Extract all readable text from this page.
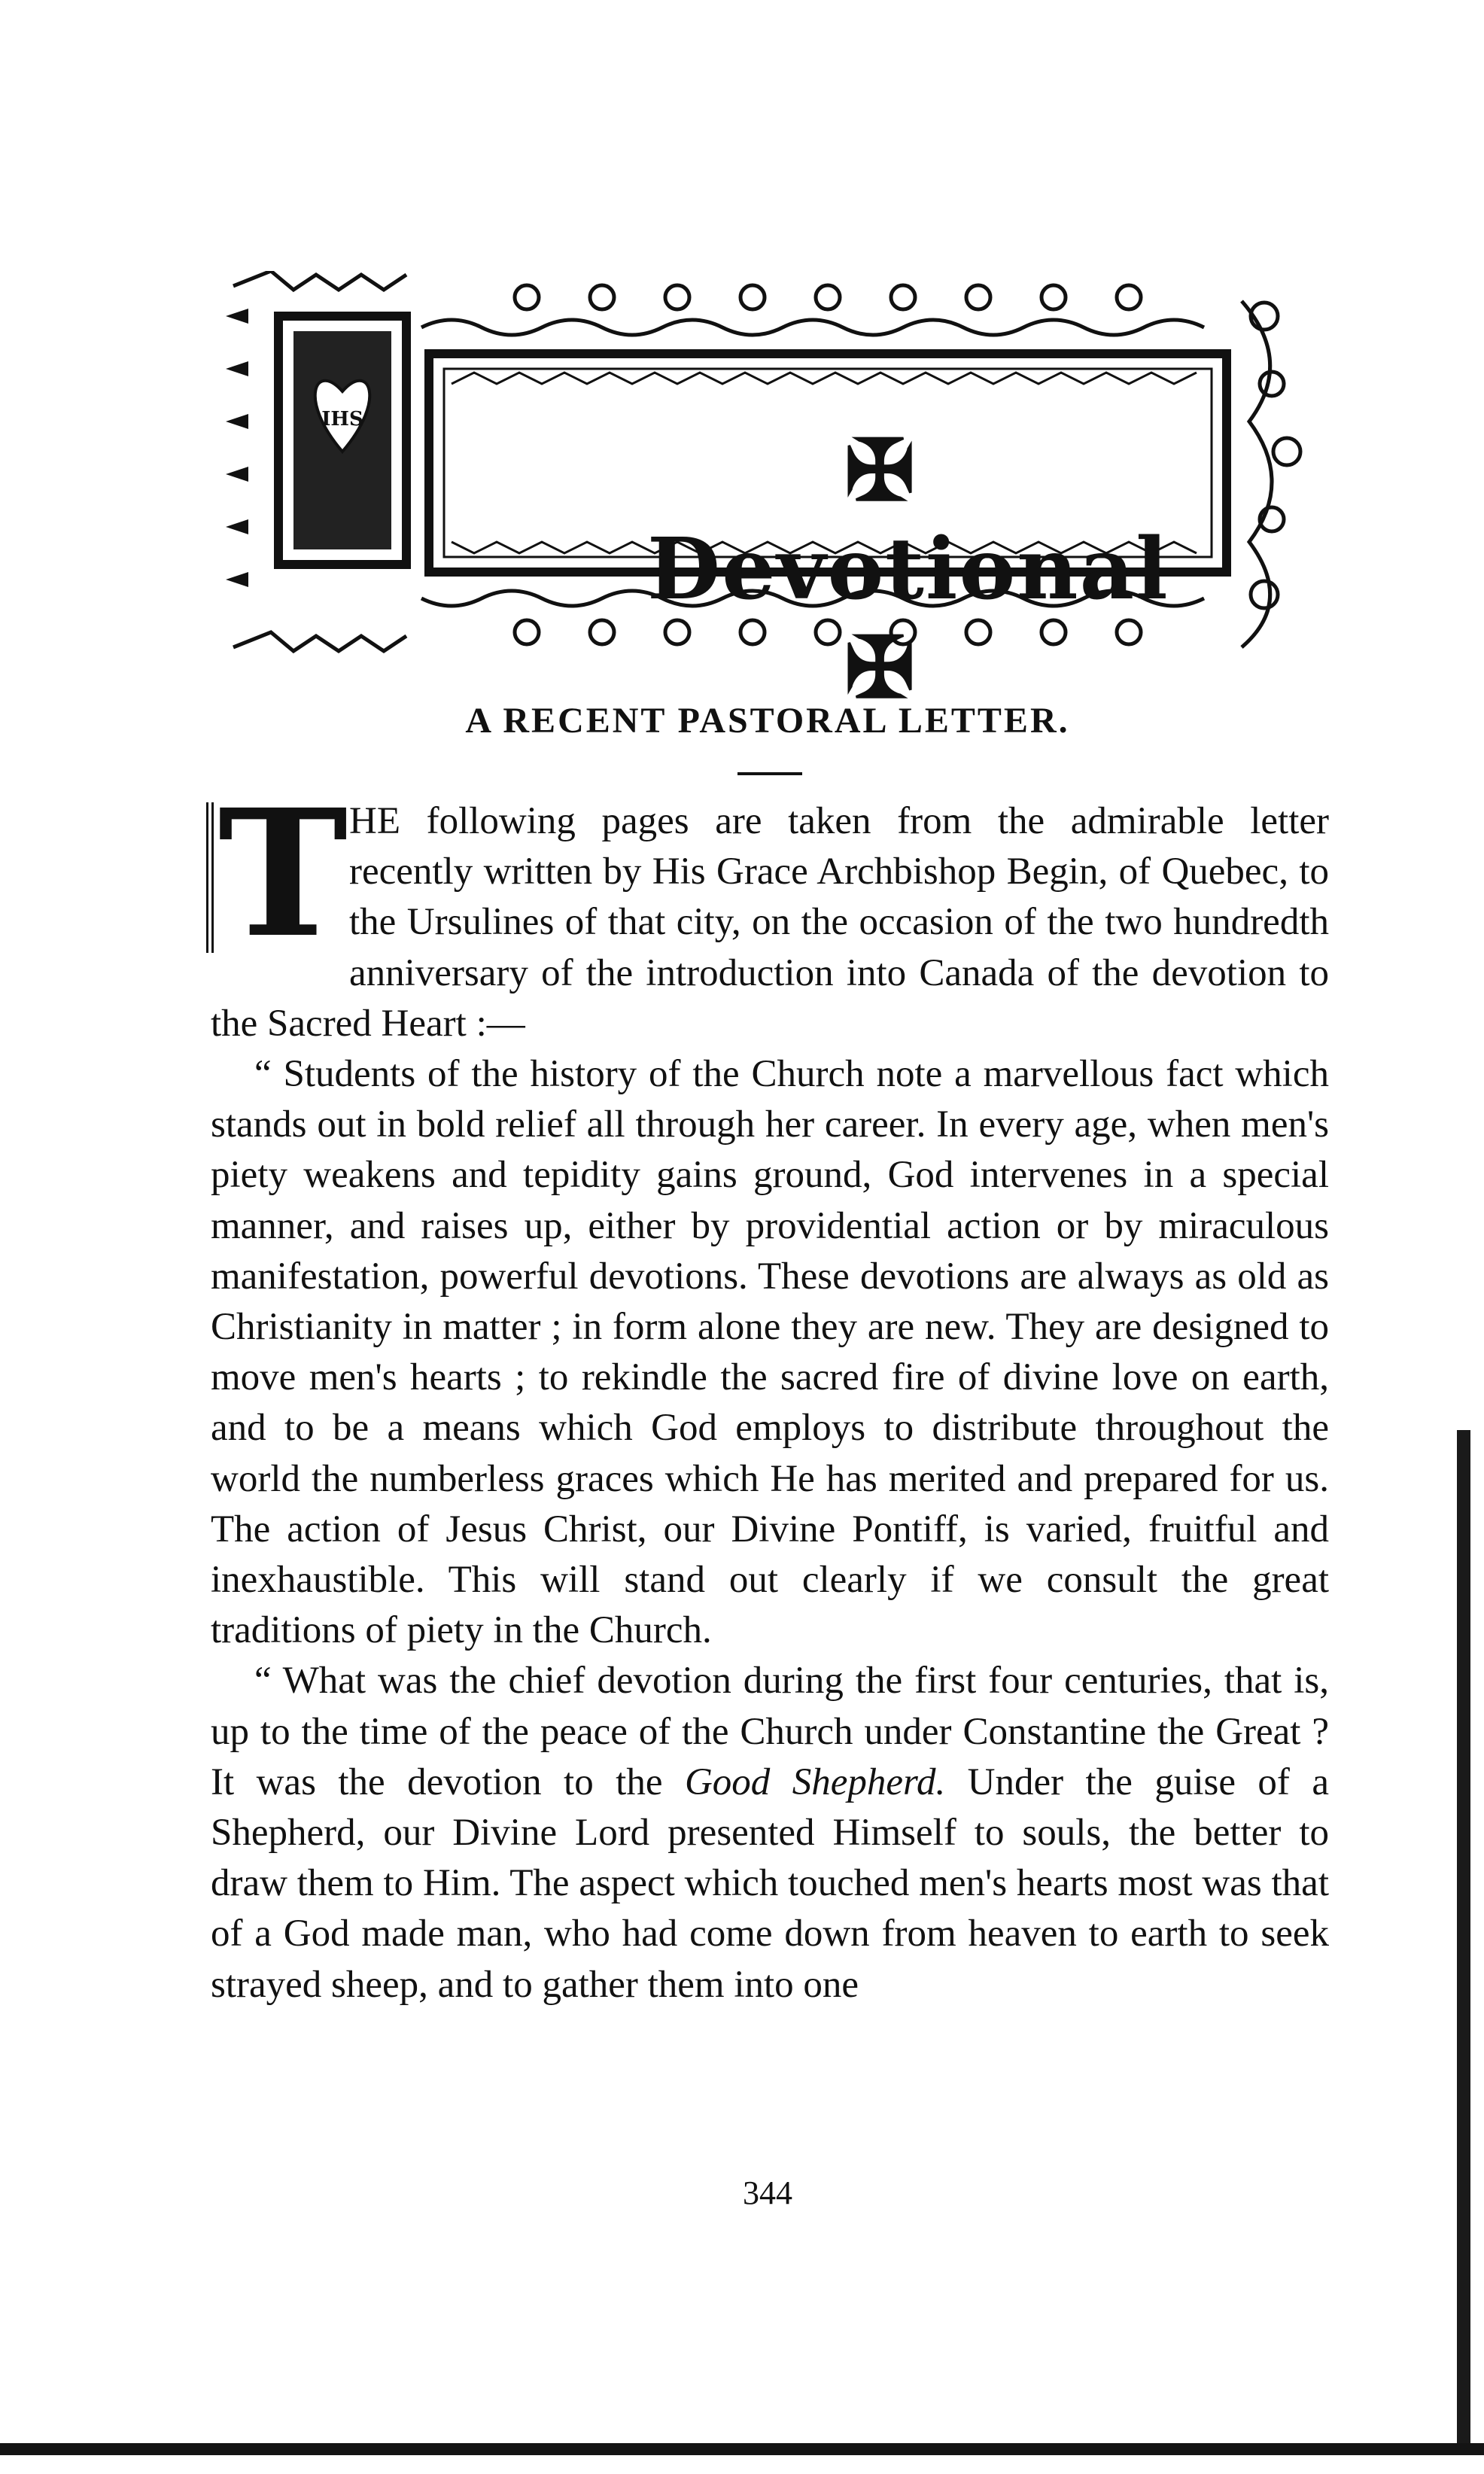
IHS
✠ Devotional ✠
A RECENT PASTORAL LETTER.

T HE following pages are taken from the admirable letter recently written by His Grace Archbishop Begin, of Quebec, to the Ursulines of that city, on the occasion of the two hundredth anniversary of the introduction into Canada of the devotion to the Sacred Heart :—

“ Students of the history of the Church note a marvellous fact which stands out in bold relief all through her career. In every age, when men's piety weakens and tepidity gains ground, God intervenes in a special manner, and raises up, either by providential action or by miraculous manifestation, powerful devotions. These devotions are always as old as Christianity in matter ; in form alone they are new. They are designed to move men's hearts ; to rekindle the sacred fire of divine love on earth, and to be a means which God employs to distribute throughout the world the numberless graces which He has merited and prepared for us. The action of Jesus Christ, our Divine Pontiff, is varied, fruitful and inexhaustible. This will stand out clearly if we consult the great traditions of piety in the Church.

“ What was the chief devotion during the first four centuries, that is, up to the time of the peace of the Church under Constantine the Great ? It was the devotion to the Good Shepherd. Under the guise of a Shepherd, our Divine Lord presented Himself to souls, the better to draw them to Him. The aspect which touched men's hearts most was that of a God made man, who had come down from heaven to earth to seek strayed sheep, and to gather them into one

344
